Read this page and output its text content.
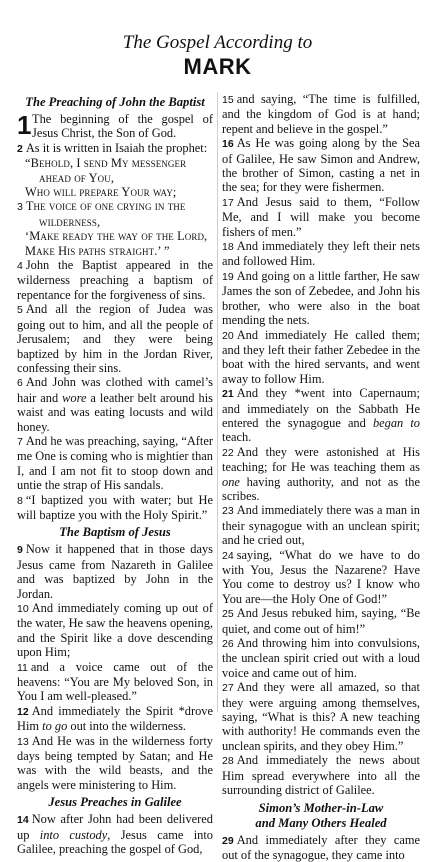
The Gospel According to
MARK
The Preaching of John the Baptist

1 The beginning of the gospel of Jesus Christ, the Son of God.

2 As it is written in Isaiah the prophet:

“Behold, I send My messenger
ahead of You,
Who will prepare Your way;
3 The voice of one crying in the
wilderness,
‘Make ready the way of the Lord,
Make His paths straight.’ ”

4 John the Baptist appeared in the wilderness preaching a baptism of repentance for the forgiveness of sins.

5 And all the region of Judea was going out to him, and all the people of Jerusalem; and they were being baptized by him in the Jordan River, confessing their sins.

6 And John was clothed with camel’s hair and wore a leather belt around his waist and was eating locusts and wild honey.

7 And he was preaching, saying, “After me One is coming who is mightier than I, and I am not fit to stoop down and untie the strap of His sandals.

8 “I baptized you with water; but He will baptize you with the Holy Spirit.”

The Baptism of Jesus

9 Now it happened that in those days Jesus came from Nazareth in Galilee and was baptized by John in the Jordan.

10 And immediately coming up out of the water, He saw the heavens opening, and the Spirit like a dove descending upon Him;

11 and a voice came out of the heavens: “You are My beloved Son, in You I am well-pleased.”

12 And immediately the Spirit *drove Him to go out into the wilderness.

13 And He was in the wilderness forty days being tempted by Satan; and He was with the wild beasts, and the angels were ministering to Him.

Jesus Preaches in Galilee

14 Now after John had been delivered up into custody, Jesus came into Galilee, preaching the gospel of God,

15 and saying, “The time is fulfilled, and the kingdom of God is at hand; repent and believe in the gospel.”

16 As He was going along by the Sea of Galilee, He saw Simon and Andrew, the brother of Simon, casting a net in the sea; for they were fishermen.

17 And Jesus said to them, “Follow Me, and I will make you become fishers of men.”

18 And immediately they left their nets and followed Him.

19 And going on a little farther, He saw James the son of Zebedee, and John his brother, who were also in the boat mending the nets.

20 And immediately He called them; and they left their father Zebedee in the boat with the hired servants, and went away to follow Him.

21 And they *went into Capernaum; and immediately on the Sabbath He entered the synagogue and began to teach.

22 And they were astonished at His teaching; for He was teaching them as one having authority, and not as the scribes.

23 And immediately there was a man in their synagogue with an unclean spirit; and he cried out,

24 saying, “What do we have to do with You, Jesus the Nazarene? Have You come to destroy us? I know who You are—the Holy One of God!”

25 And Jesus rebuked him, saying, “Be quiet, and come out of him!”

26 And throwing him into convulsions, the unclean spirit cried out with a loud voice and came out of him.

27 And they were all amazed, so that they were arguing among themselves, saying, “What is this? A new teaching with authority! He commands even the unclean spirits, and they obey Him.”

28 And immediately the news about Him spread everywhere into all the surrounding district of Galilee.

Simon’s Mother-in-Law
and Many Others Healed

29 And immediately after they came out of the synagogue, they came into
